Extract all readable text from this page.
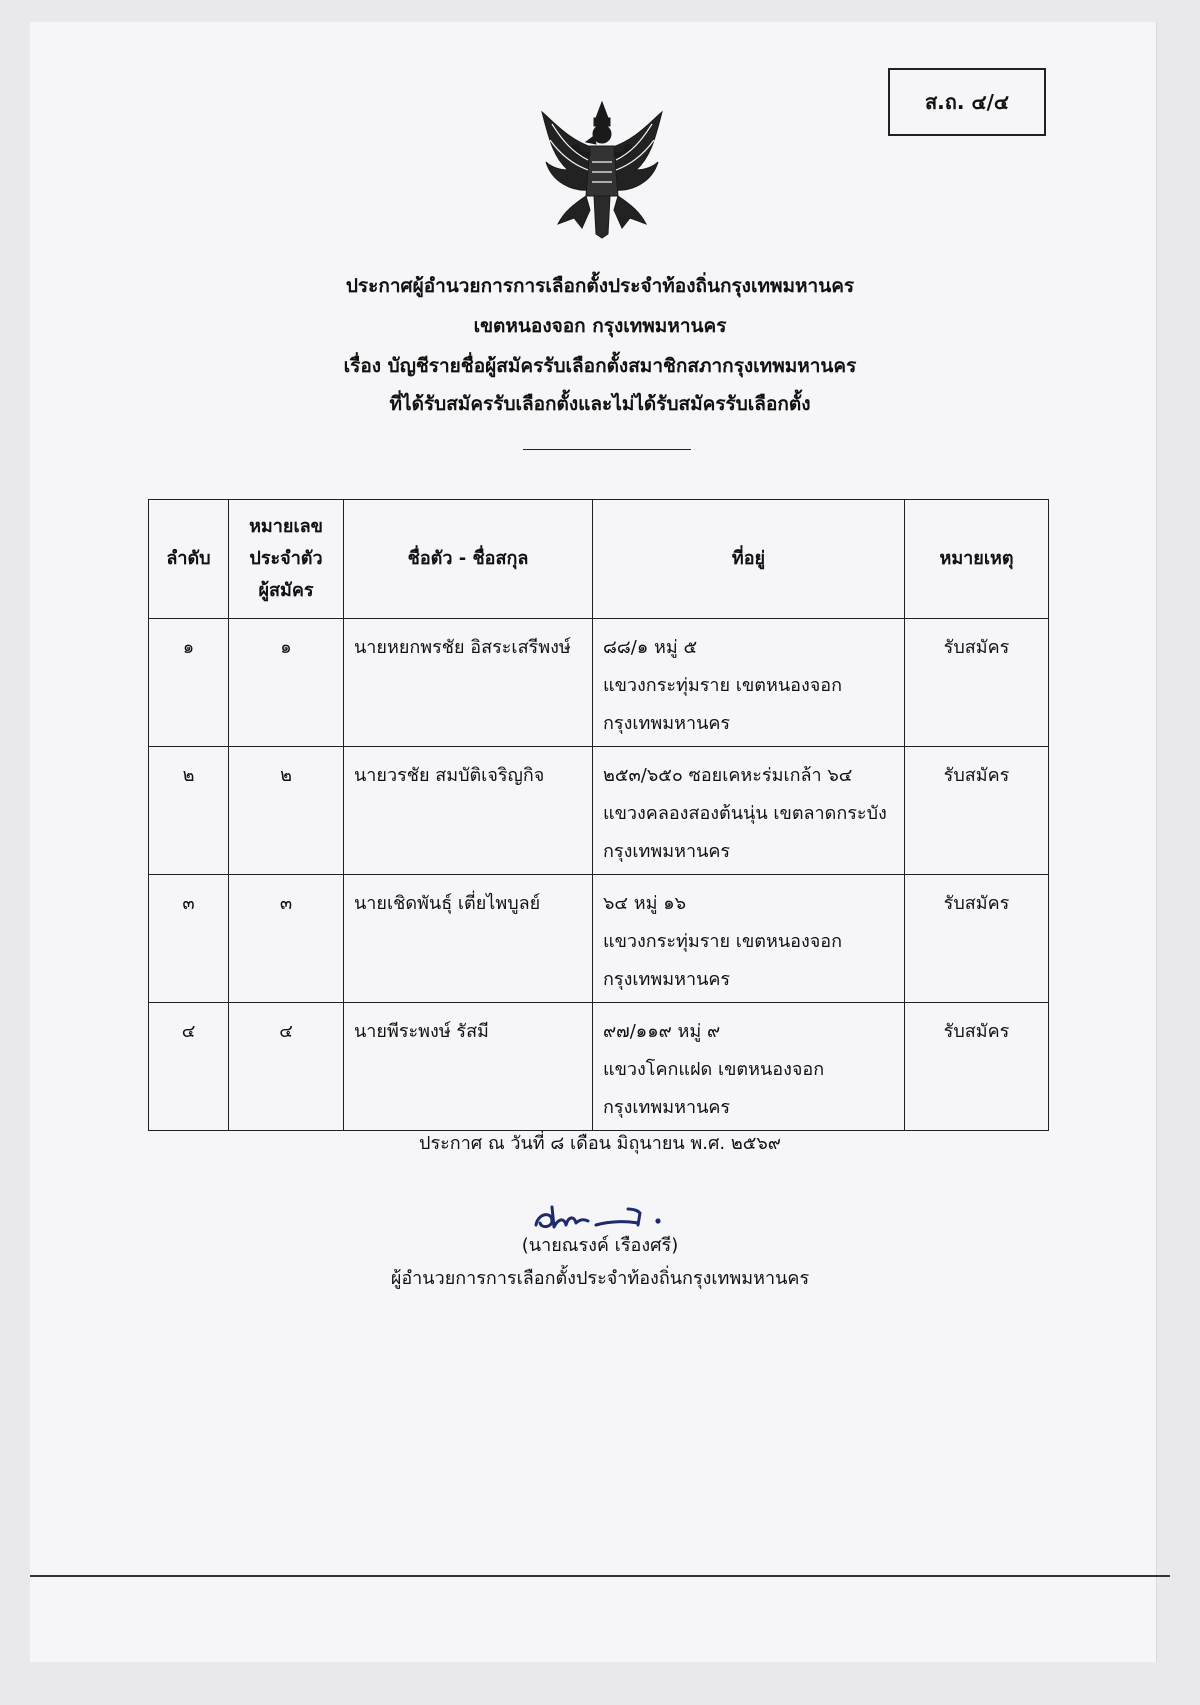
ส.ถ. ๔/๔
ประกาศผู้อำนวยการการเลือกตั้งประจำท้องถิ่นกรุงเทพมหานคร
เขตหนองจอก กรุงเทพมหานคร
เรื่อง บัญชีรายชื่อผู้สมัครรับเลือกตั้งสมาชิกสภากรุงเทพมหานคร
ที่ได้รับสมัครรับเลือกตั้งและไม่ได้รับสมัครรับเลือกตั้ง
ลำดับ	หมายเลข
ประจำตัว
ผู้สมัคร	ชื่อตัว - ชื่อสกุล	ที่อยู่	หมายเหตุ
๑	๑	นายหยกพรชัย อิสระเสรีพงษ์	๘๘/๑ หมู่ ๕
แขวงกระทุ่มราย เขตหนองจอก
กรุงเทพมหานคร	รับสมัคร
๒	๒	นายวรชัย สมบัติเจริญกิจ	๒๕๓/๖๕๐ ซอยเคหะร่มเกล้า ๖๔
แขวงคลองสองต้นนุ่น เขตลาดกระบัง
กรุงเทพมหานคร	รับสมัคร
๓	๓	นายเชิดพันธุ์ เตี่ยไพบูลย์	๖๔ หมู่ ๑๖
แขวงกระทุ่มราย เขตหนองจอก
กรุงเทพมหานคร	รับสมัคร
๔	๔	นายพีระพงษ์ รัสมี	๙๗/๑๑๙ หมู่ ๙
แขวงโคกแฝด เขตหนองจอก
กรุงเทพมหานคร	รับสมัคร
ประกาศ ณ วันที่ ๘ เดือน มิถุนายน พ.ศ. ๒๕๖๙
(นายณรงค์ เรืองศรี)
ผู้อำนวยการการเลือกตั้งประจำท้องถิ่นกรุงเทพมหานคร
